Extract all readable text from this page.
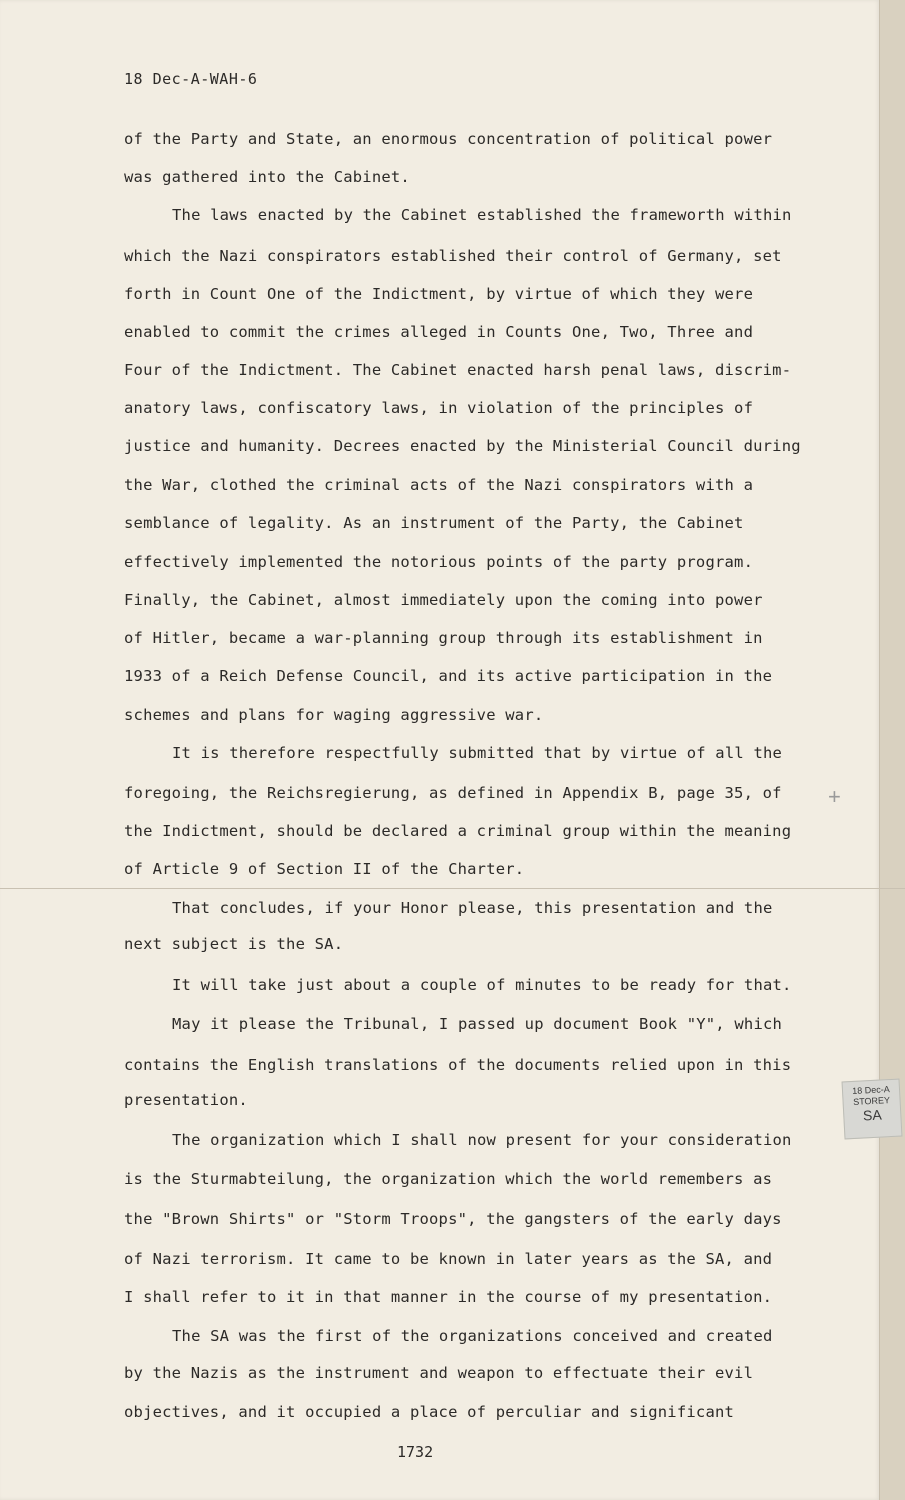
18 Dec-A-WAH-6
of the Party and State, an enormous concentration of political power
was gathered into the Cabinet.
The laws enacted by the Cabinet established the frameworth within
which the Nazi conspirators established their control of Germany, set
forth in Count One of the Indictment, by virtue of which they were
enabled to commit the crimes alleged in Counts One, Two, Three and
Four of the Indictment. The Cabinet enacted harsh penal laws, discrim-
anatory laws, confiscatory laws, in violation of the principles of
justice and humanity. Decrees enacted by the Ministerial Council during
the War, clothed the criminal acts of the Nazi conspirators with a
semblance of legality. As an instrument of the Party, the Cabinet
effectively implemented the notorious points of the party program.
Finally, the Cabinet, almost immediately upon the coming into power
of Hitler, became a war-planning group through its establishment in
1933 of a Reich Defense Council, and its active participation in the
schemes and plans for waging aggressive war.
It is therefore respectfully submitted that by virtue of all the
foregoing, the Reichsregierung, as defined in Appendix B, page 35, of
the Indictment, should be declared a criminal group within the meaning
of Article 9 of Section II of the Charter.
That concludes, if your Honor please, this presentation and the
next subject is the SA.
It will take just about a couple of minutes to be ready for that.
May it please the Tribunal, I passed up document Book "Y", which
contains the English translations of the documents relied upon in this
presentation.
The organization which I shall now present for your consideration
is the Sturmabteilung, the organization which the world remembers as
the "Brown Shirts" or "Storm Troops", the gangsters of the early days
of Nazi terrorism. It came to be known in later years as the SA, and
I shall refer to it in that manner in the course of my presentation.
The SA was the first of the organizations conceived and created
by the Nazis as the instrument and weapon to effectuate their evil
objectives, and it occupied a place of perculiar and significant
+
18 Dec-A
STOREY
SA
1732
